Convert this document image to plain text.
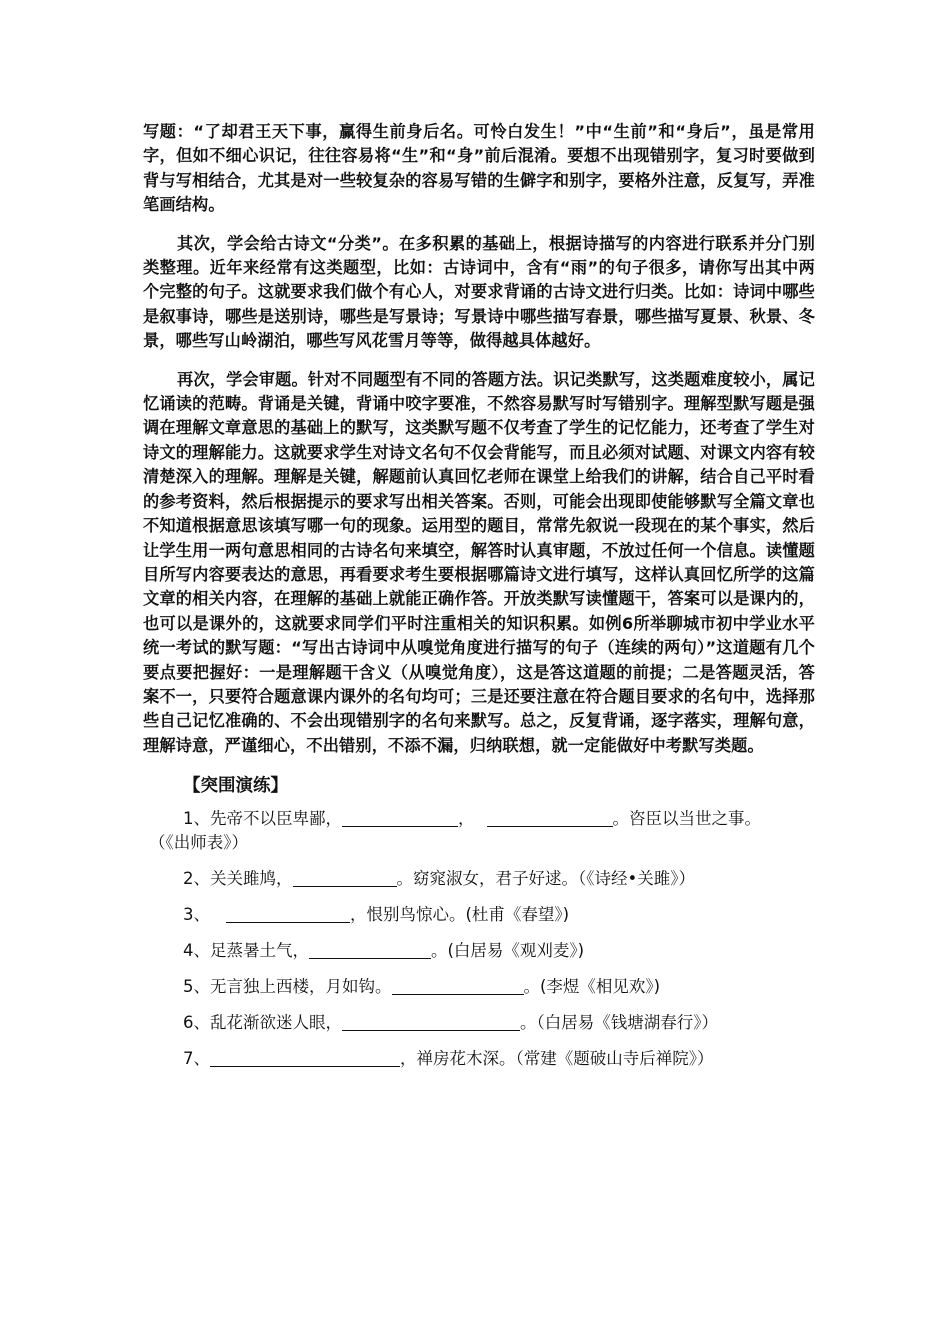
写题：“了却君王天下事，赢得生前身后名。可怜白发生！”中“生前”和“身后”，虽是常用字，但如不细心识记，往往容易将“生”和“身”前后混淆。要想不出现错别字，复习时要做到背与写相结合，尤其是对一些较复杂的容易写错的生僻字和别字，要格外注意，反复写，弄准笔画结构。

其次，学会给古诗文“分类”。在多积累的基础上，根据诗描写的内容进行联系并分门别类整理。近年来经常有这类题型，比如：古诗词中，含有“雨”的句子很多，请你写出其中两个完整的句子。这就要求我们做个有心人，对要求背诵的古诗文进行归类。比如：诗词中哪些是叙事诗，哪些是送别诗，哪些是写景诗；写景诗中哪些描写春景，哪些描写夏景、秋景、冬景，哪些写山岭湖泊，哪些写风花雪月等等，做得越具体越好。

再次，学会审题。针对不同题型有不同的答题方法。识记类默写，这类题难度较小，属记忆诵读的范畴。背诵是关键，背诵中咬字要准，不然容易默写时写错别字。理解型默写题是强调在理解文章意思的基础上的默写，这类默写题不仅考查了学生的记忆能力，还考查了学生对诗文的理解能力。这就要求学生对诗文名句不仅会背能写，而且必须对试题、对课文内容有较清楚深入的理解。理解是关键，解题前认真回忆老师在课堂上给我们的讲解，结合自己平时看的参考资料，然后根据提示的要求写出相关答案。否则，可能会出现即使能够默写全篇文章也不知道根据意思该填写哪一句的现象。运用型的题目，常常先叙说一段现在的某个事实，然后让学生用一两句意思相同的古诗名句来填空，解答时认真审题，不放过任何一个信息。读懂题目所写内容要表达的意思，再看要求考生要根据哪篇诗文进行填写，这样认真回忆所学的这篇文章的相关内容，在理解的基础上就能正确作答。开放类默写读懂题干，答案可以是课内的，也可以是课外的，这就要求同学们平时注重相关的知识积累。如例6所举聊城市初中学业水平统一考试的默写题：“写出古诗词中从嗅觉角度进行描写的句子（连续的两句）”这道题有几个要点要把握好：一是理解题干含义（从嗅觉角度），这是答这道题的前提；二是答题灵活，答案不一，只要符合题意课内课外的名句均可；三是还要注意在符合题目要求的名句中，选择那些自己记忆准确的、不会出现错别字的名句来默写。总之，反复背诵，逐字落实，理解句意，理解诗意，严谨细心，不出错别，不添不漏，归纳联想，就一定能做好中考默写类题。

【突围演练】
1、先帝不以臣卑鄙，	，	。咨臣以当世之事。
（《出师表》）
2、关关雎鸠，	。窈窕淑女，君子好逑。（《诗经•关雎》）
3、	，恨别鸟惊心。(杜甫《春望》)
4、足蒸暑土气，	。(白居易《观刈麦》)
5、无言独上西楼，月如钩。	。(李煜《相见欢》)
6、乱花渐欲迷人眼，	。（白居易《钱塘湖春行》）
7、	，禅房花木深。（常建《题破山寺后禅院》）
